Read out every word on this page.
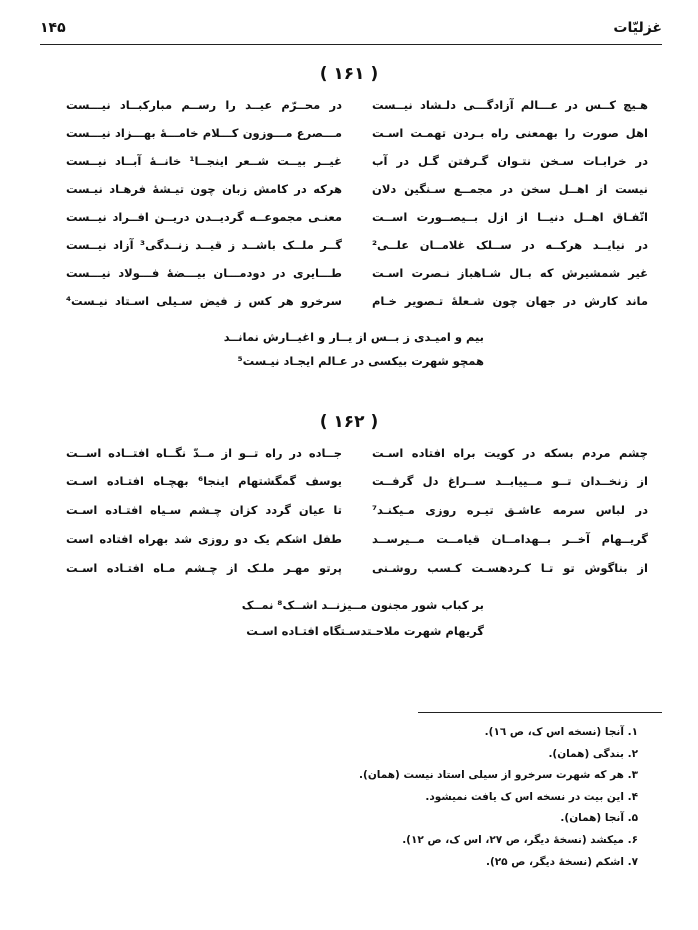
غزلیّات
۱۴۵
( ۱۶۱ )
هـیچ کــس در عـــالم آزادگـــی دلـشاد نیــست
در محــرّم عیــد را رســم مبارکبــاد نیـــست
اهل صورت را بهمعنی راه بـردن تهمـت اسـت
مـــصرع مـــوزون کـــلام خامـــهٔ بهـــزاد نیـــست
در خرابـات سـخن نتـوان گـرفتن گـل در آب
غیــر بیــت شــعر اینجــا¹ خانــهٔ آبــاد نیــست
نیست از اهــل سخن در مجمــع سـنگین دلان
هرکه در کامش زبان چون تیـشهٔ فرهـاد نیـست
اتّفـاق اهــل دنیــا از ازل بــیصــورت اســت
معنـی مجموعــه گردیــدن دریــن افــراد نیــست
در نیایــد هرکــه در ســلک غلامــان علــی²
گــر ملــک باشــد ز قیــد زنــدگی³ آزاد نیــست
غیر شمشیرش که بـال شـاهباز نـصرت اسـت
طـــایری در دودمـــان بیـــضهٔ فـــولاد نیـــست
ماند کارش در جهان چون شـعلهٔ تـصویر خـام
سرخرو هر کس ز فیض سـیلی اسـتاد نیـست⁴
بیم و امیـدی ز بــس از یــار و اغیــارش نمانــد
همچو شهرت بیکسی در عـالم ایجـاد نیـست⁵
( ۱۶۲ )
چشم مردم بسکه در کویت براه افتاده اسـت
جــاده در راه تــو از مــدّ نگــاه افتــاده اســت
از زنخــدان تــو مــییابــد ســراغ دل گرفــت
یوسف گمگشتهام اینجا⁶ بهچـاه افتـاده اسـت
در لباس سرمه عاشـق تیـره روزی مـیکنـد⁷
تا عیان گردد کزان چـشم سـیاه افتـاده اسـت
گریــهام آخــر بــهدامــان قیامــت مــیرســد
طفل اشکم یک دو روزی شد بهراه افتاده است
از بناگوش تو تـا کـردهسـت کـسب روشـنی
پرتو مهـر ملـک از چـشم مـاه افتـاده اسـت
بر کباب شور مجنون مــیزنــد اشــک⁸ نمــک
گریهام شهرت ملاحـتدسـتگاه افتـاده اسـت
۱. آنجا (نسخه اس ک، ص ١٦).
۲. بندگی (همان).
۳. هر که شهرت سرخرو از سیلی استاد نیست (همان).
۴. این بیت در نسخه اس ک یافت نمیشود.
۵. آنجا (همان).
۶. میکشد (نسخهٔ دیگر، ص ۲۷، اس ک، ص ۱۲).
۷. اشکم (نسخهٔ دیگر، ص ۲۵).
